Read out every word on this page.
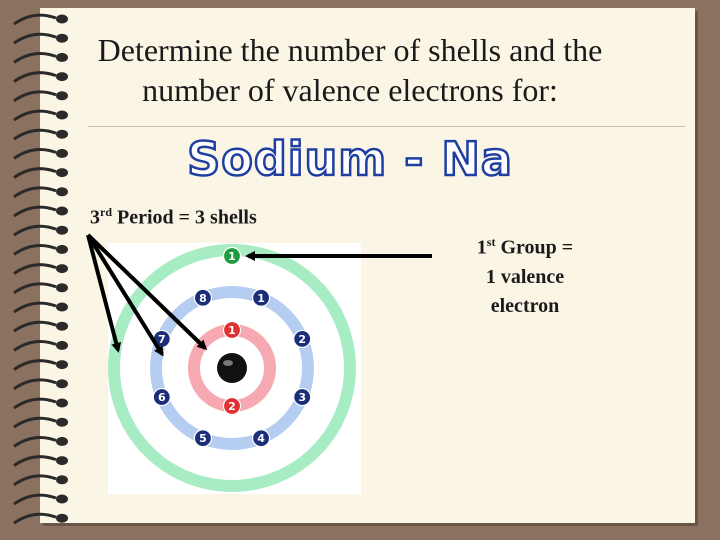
Determine the number of shells and the number of valence electrons for:
Sodium - Na
3rd Period = 3 shells
1st Group =
1 valence
electron
1
2
1
2
3
4
5
6
7
8
1
